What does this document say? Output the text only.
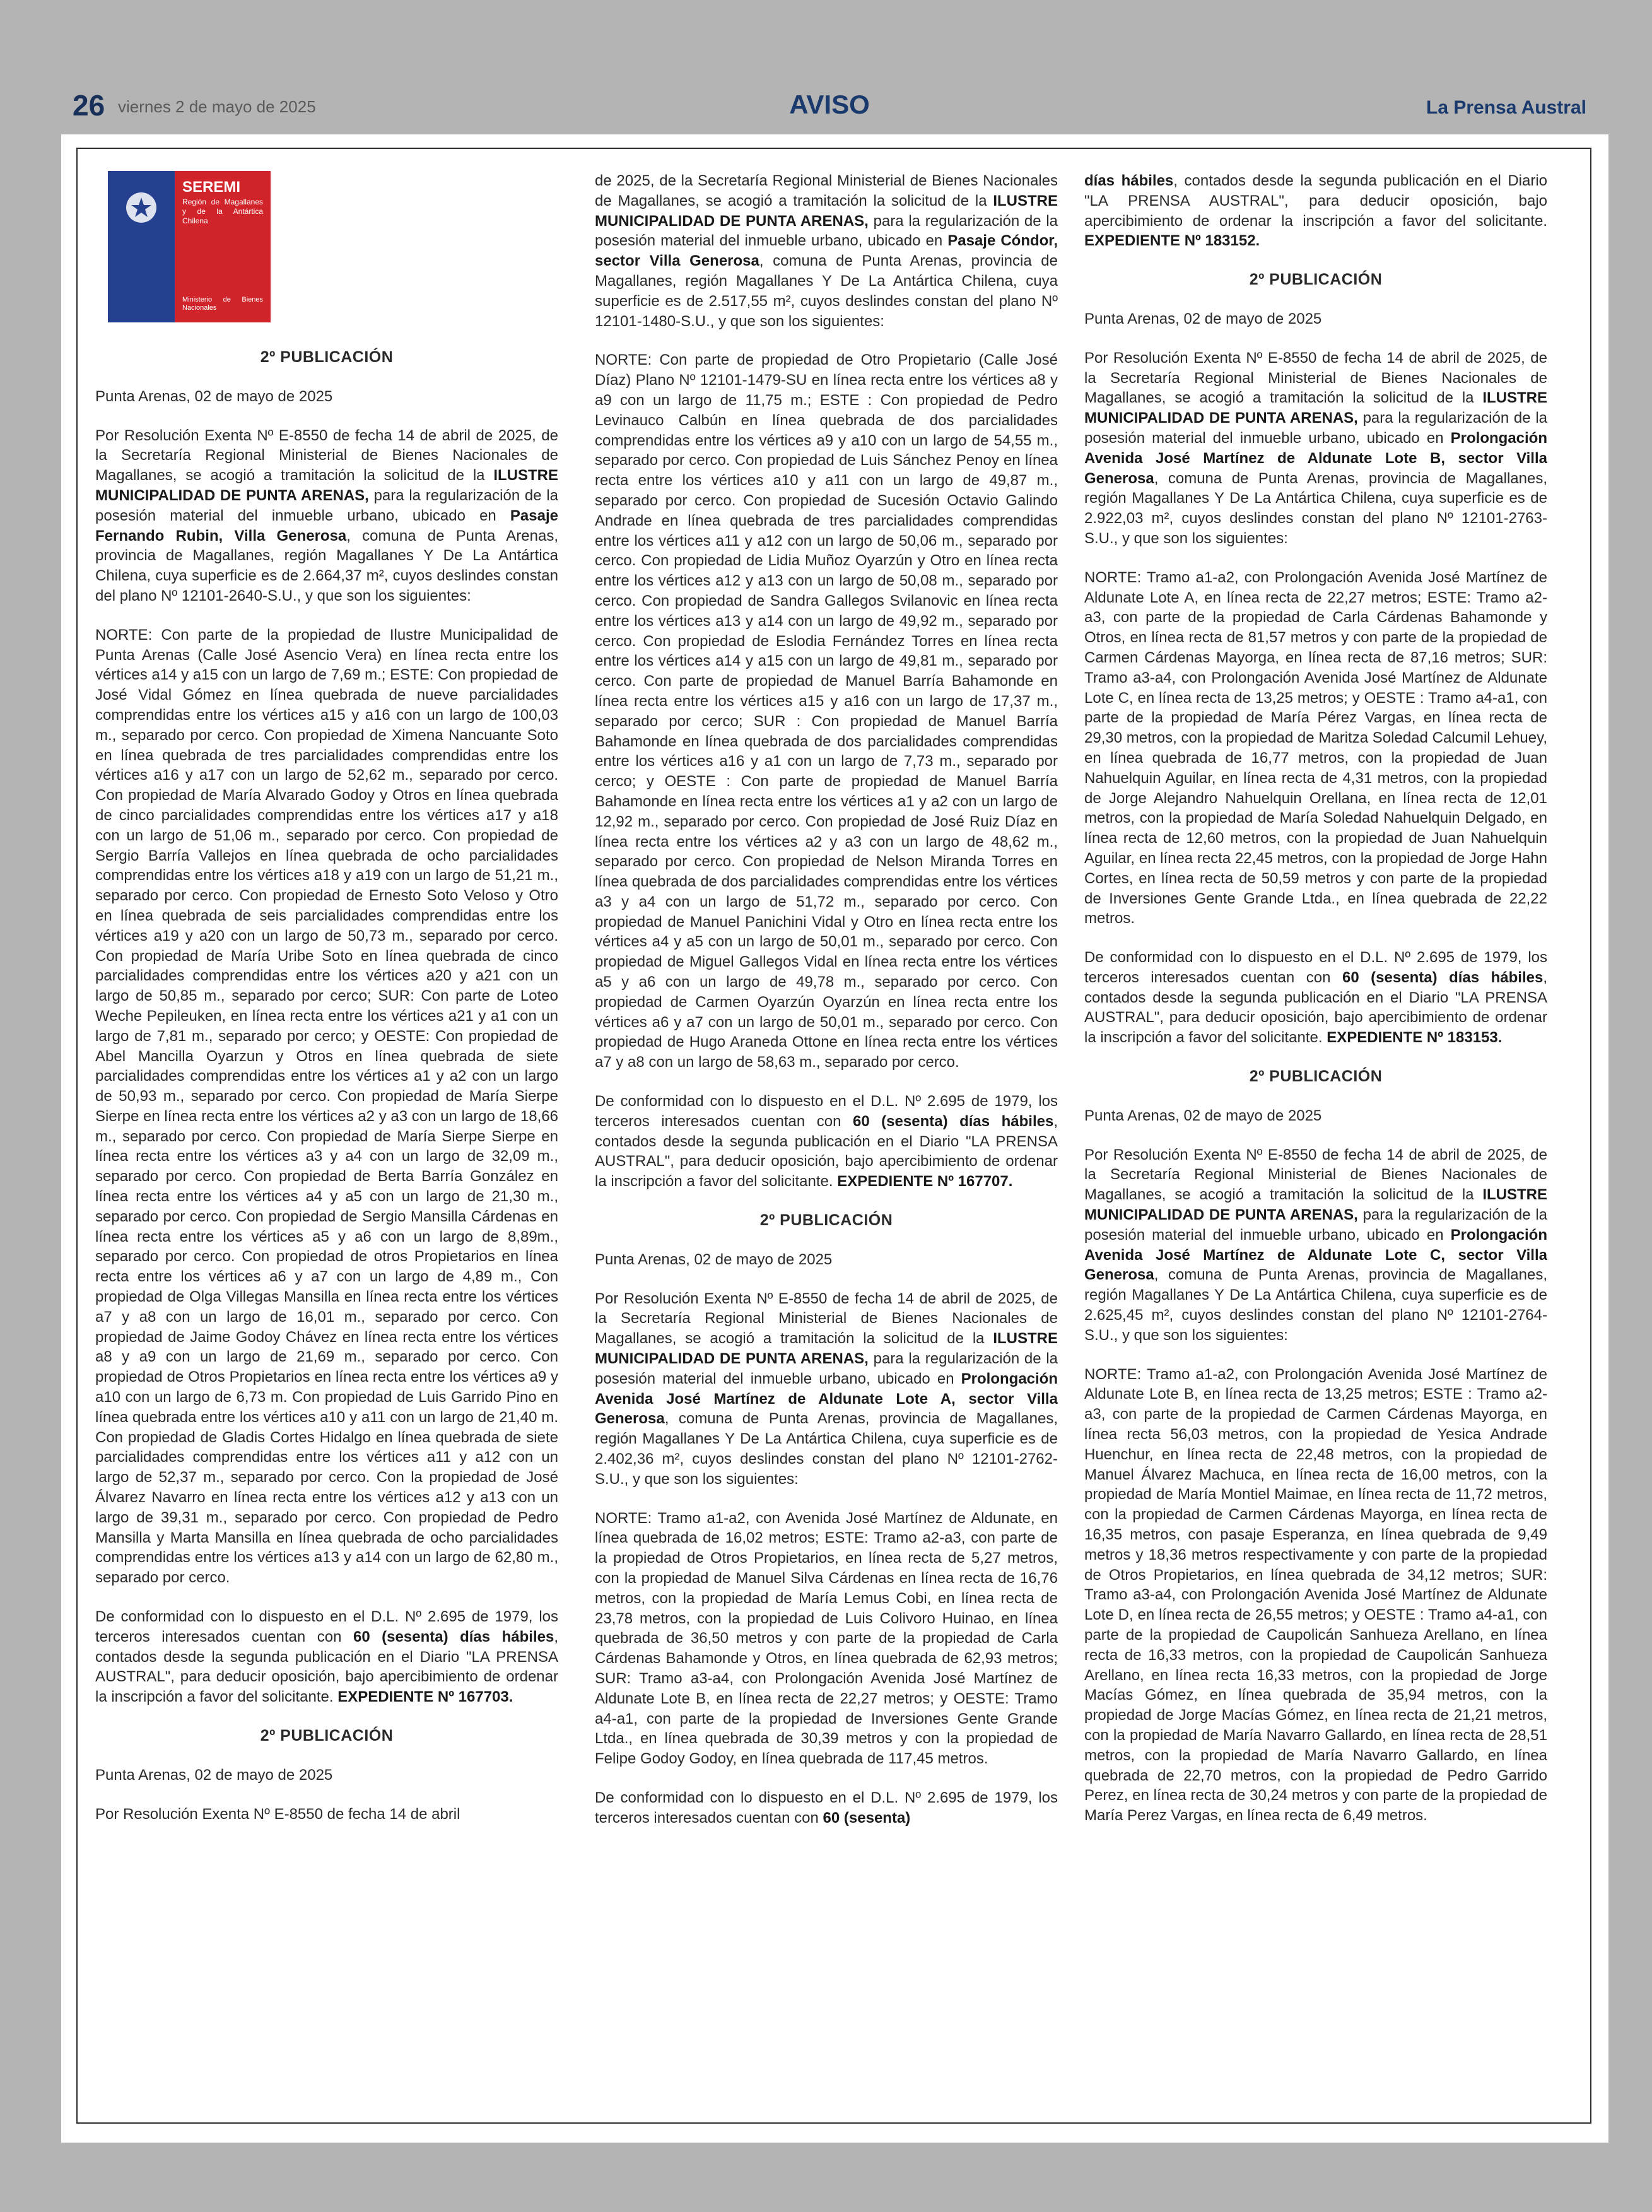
26 viernes 2 de mayo de 2025	AVISO	La Prensa Austral
SEREMI
Región de Magallanes y de la Antártica Chilena
Ministerio de Bienes Nacionales
2º PUBLICACIÓN

Punta Arenas, 02 de mayo de 2025

Por Resolución Exenta Nº E-8550 de fecha 14 de abril de 2025, de la Secretaría Regional Ministerial de Bienes Nacionales de Magallanes, se acogió a tramitación la solicitud de la ILUSTRE MUNICIPALIDAD DE PUNTA ARENAS, para la regularización de la posesión material del inmueble urbano, ubicado en Pasaje Fernando Rubin, Villa Generosa, comuna de Punta Arenas, provincia de Magallanes, región Magallanes Y De La Antártica Chilena, cuya superficie es de 2.664,37 m², cuyos deslindes constan del plano Nº 12101-2640-S.U., y que son los siguientes:

NORTE: Con parte de la propiedad de Ilustre Municipalidad de Punta Arenas (Calle José Asencio Vera) en línea recta entre los vértices a14 y a15 con un largo de 7,69 m.; ESTE: Con propiedad de José Vidal Gómez en línea quebrada de nueve parcialidades comprendidas entre los vértices a15 y a16 con un largo de 100,03 m., separado por cerco. Con propiedad de Ximena Nancuante Soto en línea quebrada de tres parcialidades comprendidas entre los vértices a16 y a17 con un largo de 52,62 m., separado por cerco. Con propiedad de María Alvarado Godoy y Otros en línea quebrada de cinco parcialidades comprendidas entre los vértices a17 y a18 con un largo de 51,06 m., separado por cerco. Con propiedad de Sergio Barría Vallejos en línea quebrada de ocho parcialidades comprendidas entre los vértices a18 y a19 con un largo de 51,21 m., separado por cerco. Con propiedad de Ernesto Soto Veloso y Otro en línea quebrada de seis parcialidades comprendidas entre los vértices a19 y a20 con un largo de 50,73 m., separado por cerco. Con propiedad de María Uribe Soto en línea quebrada de cinco parcialidades comprendidas entre los vértices a20 y a21 con un largo de 50,85 m., separado por cerco; SUR: Con parte de Loteo Weche Pepileuken, en línea recta entre los vértices a21 y a1 con un largo de 7,81 m., separado por cerco; y OESTE: Con propiedad de Abel Mancilla Oyarzun y Otros en línea quebrada de siete parcialidades comprendidas entre los vértices a1 y a2 con un largo de 50,93 m., separado por cerco. Con propiedad de María Sierpe Sierpe en línea recta entre los vértices a2 y a3 con un largo de 18,66 m., separado por cerco. Con propiedad de María Sierpe Sierpe en línea recta entre los vértices a3 y a4 con un largo de 32,09 m., separado por cerco. Con propiedad de Berta Barría González en línea recta entre los vértices a4 y a5 con un largo de 21,30 m., separado por cerco. Con propiedad de Sergio Mansilla Cárdenas en línea recta entre los vértices a5 y a6 con un largo de 8,89m., separado por cerco. Con propiedad de otros Propietarios en línea recta entre los vértices a6 y a7 con un largo de 4,89 m., Con propiedad de Olga Villegas Mansilla en línea recta entre los vértices a7 y a8 con un largo de 16,01 m., separado por cerco. Con propiedad de Jaime Godoy Chávez en línea recta entre los vértices a8 y a9 con un largo de 21,69 m., separado por cerco. Con propiedad de Otros Propietarios en línea recta entre los vértices a9 y a10 con un largo de 6,73 m. Con propiedad de Luis Garrido Pino en línea quebrada entre los vértices a10 y a11 con un largo de 21,40 m. Con propiedad de Gladis Cortes Hidalgo en línea quebrada de siete parcialidades comprendidas entre los vértices a11 y a12 con un largo de 52,37 m., separado por cerco. Con la propiedad de José Álvarez Navarro en línea recta entre los vértices a12 y a13 con un largo de 39,31 m., separado por cerco. Con propiedad de Pedro Mansilla y Marta Mansilla en línea quebrada de ocho parcialidades comprendidas entre los vértices a13 y a14 con un largo de 62,80 m., separado por cerco.

De conformidad con lo dispuesto en el D.L. Nº 2.695 de 1979, los terceros interesados cuentan con 60 (sesenta) días hábiles, contados desde la segunda publicación en el Diario "LA PRENSA AUSTRAL", para deducir oposición, bajo apercibimiento de ordenar la inscripción a favor del solicitante. EXPEDIENTE Nº 167703.

2º PUBLICACIÓN

Punta Arenas, 02 de mayo de 2025

Por Resolución Exenta Nº E-8550 de fecha 14 de abril

de 2025, de la Secretaría Regional Ministerial de Bienes Nacionales de Magallanes, se acogió a tramitación la solicitud de la ILUSTRE MUNICIPALIDAD DE PUNTA ARENAS, para la regularización de la posesión material del inmueble urbano, ubicado en Pasaje Cóndor, sector Villa Generosa, comuna de Punta Arenas, provincia de Magallanes, región Magallanes Y De La Antártica Chilena, cuya superficie es de 2.517,55 m², cuyos deslindes constan del plano Nº 12101-1480-S.U., y que son los siguientes:

NORTE: Con parte de propiedad de Otro Propietario (Calle José Díaz) Plano Nº 12101-1479-SU en línea recta entre los vértices a8 y a9 con un largo de 11,75 m.; ESTE : Con propiedad de Pedro Levinauco Calbún en línea quebrada de dos parcialidades comprendidas entre los vértices a9 y a10 con un largo de 54,55 m., separado por cerco. Con propiedad de Luis Sánchez Penoy en línea recta entre los vértices a10 y a11 con un largo de 49,87 m., separado por cerco. Con propiedad de Sucesión Octavio Galindo Andrade en línea quebrada de tres parcialidades comprendidas entre los vértices a11 y a12 con un largo de 50,06 m., separado por cerco. Con propiedad de Lidia Muñoz Oyarzún y Otro en línea recta entre los vértices a12 y a13 con un largo de 50,08 m., separado por cerco. Con propiedad de Sandra Gallegos Svilanovic en línea recta entre los vértices a13 y a14 con un largo de 49,92 m., separado por cerco. Con propiedad de Eslodia Fernández Torres en línea recta entre los vértices a14 y a15 con un largo de 49,81 m., separado por cerco. Con parte de propiedad de Manuel Barría Bahamonde en línea recta entre los vértices a15 y a16 con un largo de 17,37 m., separado por cerco; SUR : Con propiedad de Manuel Barría Bahamonde en línea quebrada de dos parcialidades comprendidas entre los vértices a16 y a1 con un largo de 7,73 m., separado por cerco; y OESTE : Con parte de propiedad de Manuel Barría Bahamonde en línea recta entre los vértices a1 y a2 con un largo de 12,92 m., separado por cerco. Con propiedad de José Ruiz Díaz en línea recta entre los vértices a2 y a3 con un largo de 48,62 m., separado por cerco. Con propiedad de Nelson Miranda Torres en línea quebrada de dos parcialidades comprendidas entre los vértices a3 y a4 con un largo de 51,72 m., separado por cerco. Con propiedad de Manuel Panichini Vidal y Otro en línea recta entre los vértices a4 y a5 con un largo de 50,01 m., separado por cerco. Con propiedad de Miguel Gallegos Vidal en línea recta entre los vértices a5 y a6 con un largo de 49,78 m., separado por cerco. Con propiedad de Carmen Oyarzún Oyarzún en línea recta entre los vértices a6 y a7 con un largo de 50,01 m., separado por cerco. Con propiedad de Hugo Araneda Ottone en línea recta entre los vértices a7 y a8 con un largo de 58,63 m., separado por cerco.

De conformidad con lo dispuesto en el D.L. Nº 2.695 de 1979, los terceros interesados cuentan con 60 (sesenta) días hábiles, contados desde la segunda publicación en el Diario "LA PRENSA AUSTRAL", para deducir oposición, bajo apercibimiento de ordenar la inscripción a favor del solicitante. EXPEDIENTE Nº 167707.

2º PUBLICACIÓN

Punta Arenas, 02 de mayo de 2025

Por Resolución Exenta Nº E-8550 de fecha 14 de abril de 2025, de la Secretaría Regional Ministerial de Bienes Nacionales de Magallanes, se acogió a tramitación la solicitud de la ILUSTRE MUNICIPALIDAD DE PUNTA ARENAS, para la regularización de la posesión material del inmueble urbano, ubicado en Prolongación Avenida José Martínez de Aldunate Lote A, sector Villa Generosa, comuna de Punta Arenas, provincia de Magallanes, región Magallanes Y De La Antártica Chilena, cuya superficie es de 2.402,36 m², cuyos deslindes constan del plano Nº 12101-2762-S.U., y que son los siguientes:

NORTE: Tramo a1-a2, con Avenida José Martínez de Aldunate, en línea quebrada de 16,02 metros; ESTE: Tramo a2-a3, con parte de la propiedad de Otros Propietarios, en línea recta de 5,27 metros, con la propiedad de Manuel Silva Cárdenas en línea recta de 16,76 metros, con la propiedad de María Lemus Cobi, en línea recta de 23,78 metros, con la propiedad de Luis Colivoro Huinao, en línea quebrada de 36,50 metros y con parte de la propiedad de Carla Cárdenas Bahamonde y Otros, en línea quebrada de 62,93 metros; SUR: Tramo a3-a4, con Prolongación Avenida José Martínez de Aldunate Lote B, en línea recta de 22,27 metros; y OESTE: Tramo a4-a1, con parte de la propiedad de Inversiones Gente Grande Ltda., en línea quebrada de 30,39 metros y con la propiedad de Felipe Godoy Godoy, en línea quebrada de 117,45 metros.

De conformidad con lo dispuesto en el D.L. Nº 2.695 de 1979, los terceros interesados cuentan con 60 (sesenta)

días hábiles, contados desde la segunda publicación en el Diario "LA PRENSA AUSTRAL", para deducir oposición, bajo apercibimiento de ordenar la inscripción a favor del solicitante. EXPEDIENTE Nº 183152.

2º PUBLICACIÓN

Punta Arenas, 02 de mayo de 2025

Por Resolución Exenta Nº E-8550 de fecha 14 de abril de 2025, de la Secretaría Regional Ministerial de Bienes Nacionales de Magallanes, se acogió a tramitación la solicitud de la ILUSTRE MUNICIPALIDAD DE PUNTA ARENAS, para la regularización de la posesión material del inmueble urbano, ubicado en Prolongación Avenida José Martínez de Aldunate Lote B, sector Villa Generosa, comuna de Punta Arenas, provincia de Magallanes, región Magallanes Y De La Antártica Chilena, cuya superficie es de 2.922,03 m², cuyos deslindes constan del plano Nº 12101-2763-S.U., y que son los siguientes:

NORTE: Tramo a1-a2, con Prolongación Avenida José Martínez de Aldunate Lote A, en línea recta de 22,27 metros; ESTE: Tramo a2-a3, con parte de la propiedad de Carla Cárdenas Bahamonde y Otros, en línea recta de 81,57 metros y con parte de la propiedad de Carmen Cárdenas Mayorga, en línea recta de 87,16 metros; SUR: Tramo a3-a4, con Prolongación Avenida José Martínez de Aldunate Lote C, en línea recta de 13,25 metros; y OESTE : Tramo a4-a1, con parte de la propiedad de María Pérez Vargas, en línea recta de 29,30 metros, con la propiedad de Maritza Soledad Calcumil Lehuey, en línea quebrada de 16,77 metros, con la propiedad de Juan Nahuelquin Aguilar, en línea recta de 4,31 metros, con la propiedad de Jorge Alejandro Nahuelquin Orellana, en línea recta de 12,01 metros, con la propiedad de María Soledad Nahuelquin Delgado, en línea recta de 12,60 metros, con la propiedad de Juan Nahuelquin Aguilar, en línea recta 22,45 metros, con la propiedad de Jorge Hahn Cortes, en línea recta de 50,59 metros y con parte de la propiedad de Inversiones Gente Grande Ltda., en línea quebrada de 22,22 metros.

De conformidad con lo dispuesto en el D.L. Nº 2.695 de 1979, los terceros interesados cuentan con 60 (sesenta) días hábiles, contados desde la segunda publicación en el Diario "LA PRENSA AUSTRAL", para deducir oposición, bajo apercibimiento de ordenar la inscripción a favor del solicitante. EXPEDIENTE Nº 183153.

2º PUBLICACIÓN

Punta Arenas, 02 de mayo de 2025

Por Resolución Exenta Nº E-8550 de fecha 14 de abril de 2025, de la Secretaría Regional Ministerial de Bienes Nacionales de Magallanes, se acogió a tramitación la solicitud de la ILUSTRE MUNICIPALIDAD DE PUNTA ARENAS, para la regularización de la posesión material del inmueble urbano, ubicado en Prolongación Avenida José Martínez de Aldunate Lote C, sector Villa Generosa, comuna de Punta Arenas, provincia de Magallanes, región Magallanes Y De La Antártica Chilena, cuya superficie es de 2.625,45 m², cuyos deslindes constan del plano Nº 12101-2764-S.U., y que son los siguientes:

NORTE: Tramo a1-a2, con Prolongación Avenida José Martínez de Aldunate Lote B, en línea recta de 13,25 metros; ESTE : Tramo a2-a3, con parte de la propiedad de Carmen Cárdenas Mayorga, en línea recta 56,03 metros, con la propiedad de Yesica Andrade Huenchur, en línea recta de 22,48 metros, con la propiedad de Manuel Álvarez Machuca, en línea recta de 16,00 metros, con la propiedad de María Montiel Maimae, en línea recta de 11,72 metros, con la propiedad de Carmen Cárdenas Mayorga, en línea recta de 16,35 metros, con pasaje Esperanza, en línea quebrada de 9,49 metros y 18,36 metros respectivamente y con parte de la propiedad de Otros Propietarios, en línea quebrada de 34,12 metros; SUR: Tramo a3-a4, con Prolongación Avenida José Martínez de Aldunate Lote D, en línea recta de 26,55 metros; y OESTE : Tramo a4-a1, con parte de la propiedad de Caupolicán Sanhueza Arellano, en línea recta de 16,33 metros, con la propiedad de Caupolicán Sanhueza Arellano, en línea recta 16,33 metros, con la propiedad de Jorge Macías Gómez, en línea quebrada de 35,94 metros, con la propiedad de Jorge Macías Gómez, en línea recta de 21,21 metros, con la propiedad de María Navarro Gallardo, en línea recta de 28,51 metros, con la propiedad de María Navarro Gallardo, en línea quebrada de 22,70 metros, con la propiedad de Pedro Garrido Perez, en línea recta de 30,24 metros y con parte de la propiedad de María Perez Vargas, en línea recta de 6,49 metros.
